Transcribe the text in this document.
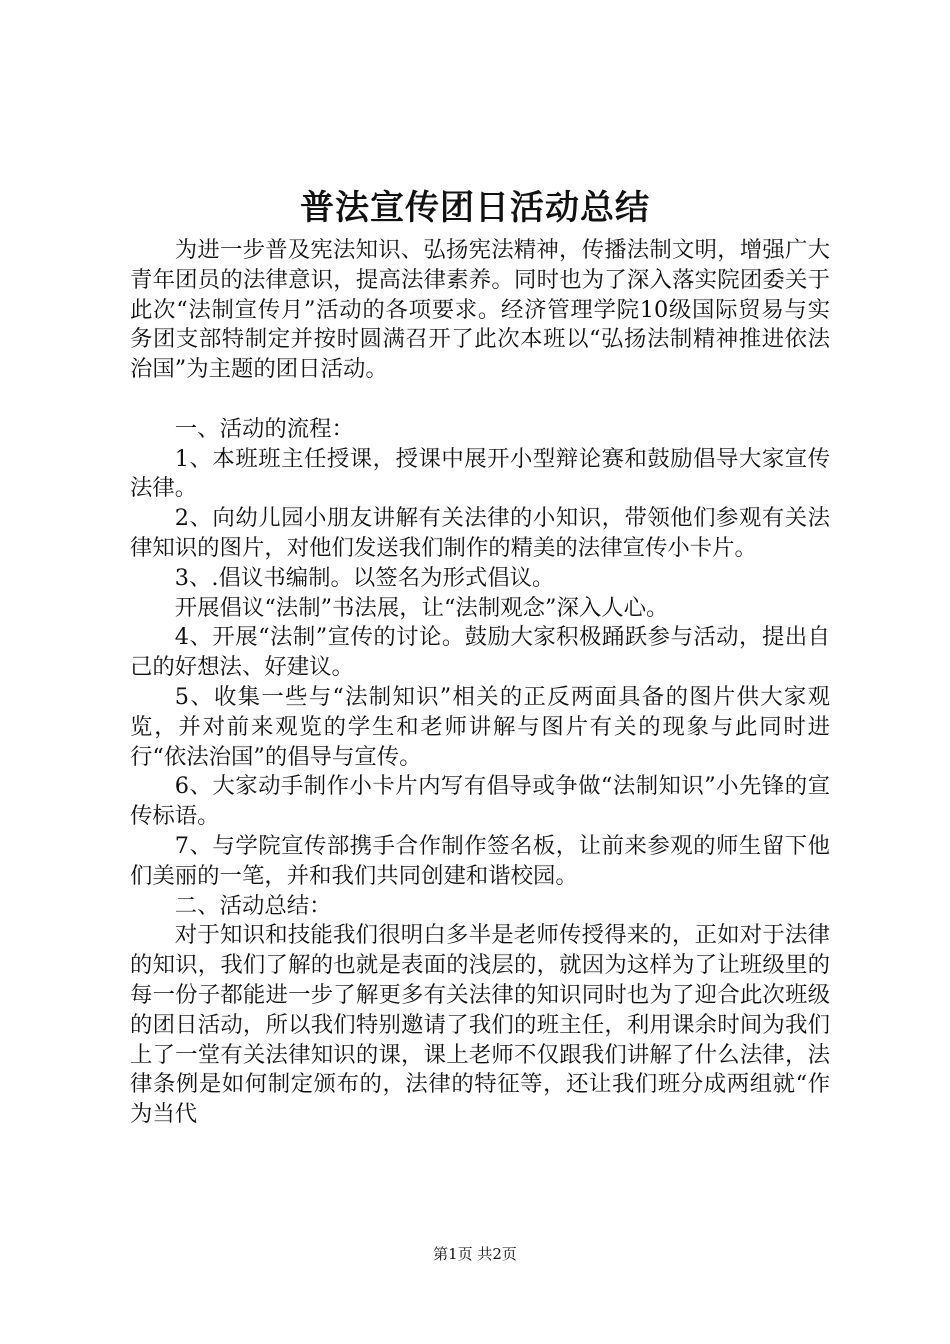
普法宣传团日活动总结

为进一步普及宪法知识、弘扬宪法精神，传播法制文明，增强广大青年团员的法律意识，提高法律素养。同时也为了深入落实院团委关于此次“法制宣传月”活动的各项要求。经济管理学院10级国际贸易与实务团支部特制定并按时圆满召开了此次本班以“弘扬法制精神推进依法治国”为主题的团日活动。

一、活动的流程：

1、本班班主任授课，授课中展开小型辩论赛和鼓励倡导大家宣传法律。

2、向幼儿园小朋友讲解有关法律的小知识，带领他们参观有关法律知识的图片，对他们发送我们制作的精美的法律宣传小卡片。

3、.倡议书编制。以签名为形式倡议。

开展倡议“法制”书法展，让“法制观念”深入人心。

4、开展“法制”宣传的讨论。鼓励大家积极踊跃参与活动，提出自己的好想法、好建议。

5、收集一些与“法制知识”相关的正反两面具备的图片供大家观览，并对前来观览的学生和老师讲解与图片有关的现象与此同时进行“依法治国”的倡导与宣传。

6、大家动手制作小卡片内写有倡导或争做“法制知识”小先锋的宣传标语。

7、与学院宣传部携手合作制作签名板，让前来参观的师生留下他们美丽的一笔，并和我们共同创建和谐校园。

二、活动总结：

对于知识和技能我们很明白多半是老师传授得来的，正如对于法律的知识，我们了解的也就是表面的浅层的，就因为这样为了让班级里的每一份子都能进一步了解更多有关法律的知识同时也为了迎合此次班级的团日活动，所以我们特别邀请了我们的班主任，利用课余时间为我们上了一堂有关法律知识的课，课上老师不仅跟我们讲解了什么法律，法律条例是如何制定颁布的，法律的特征等，还让我们班分成两组就“作为当代

第1页 共2页
